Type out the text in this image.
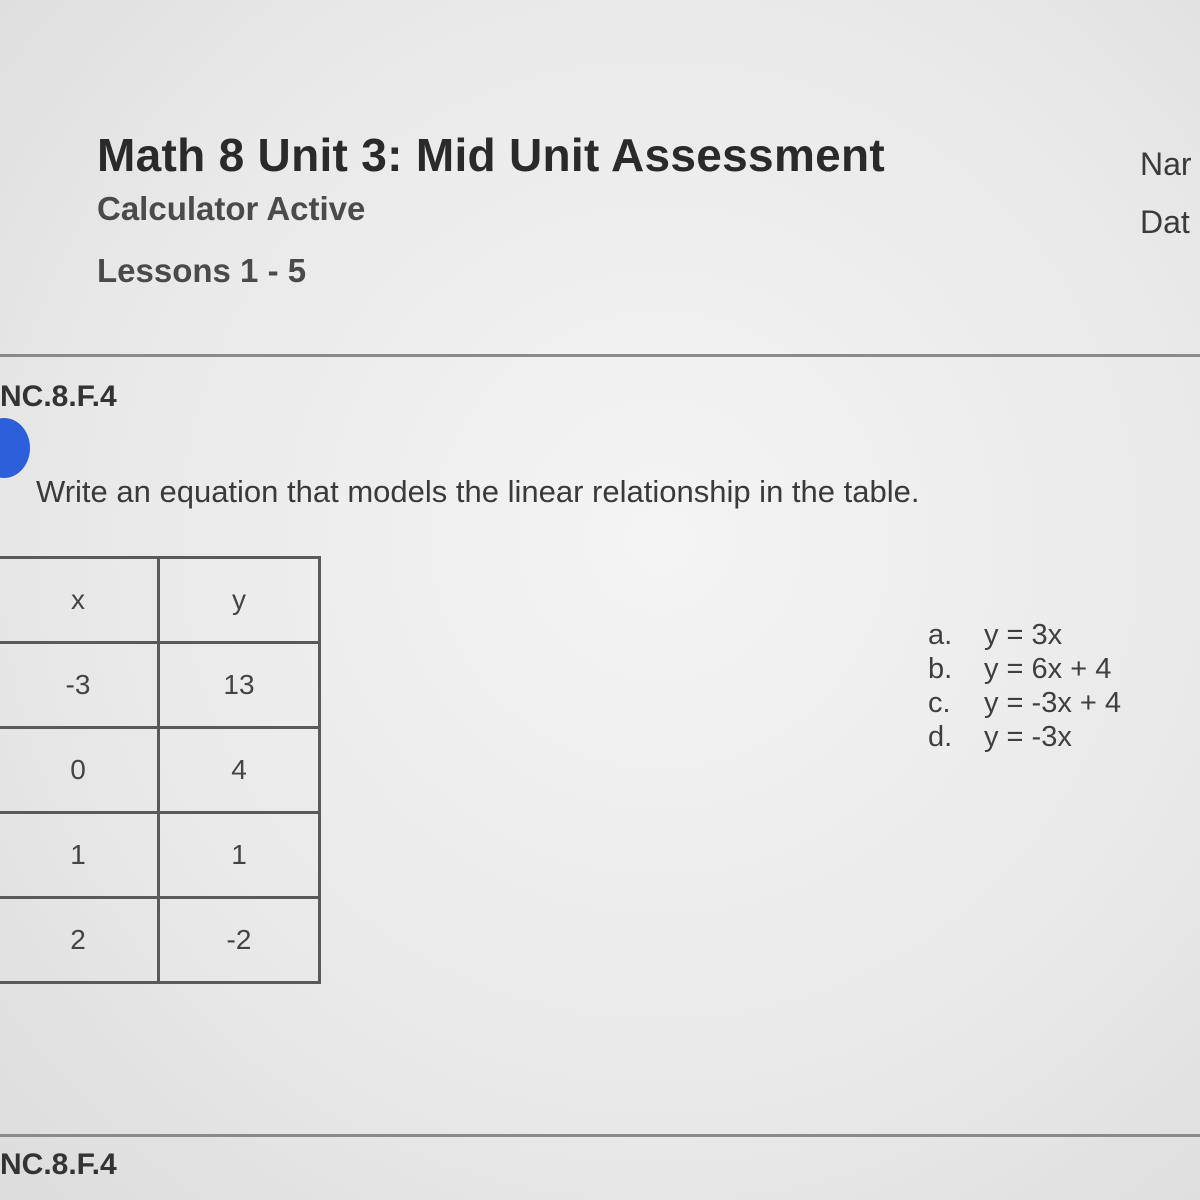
Math 8 Unit 3: Mid Unit Assessment
Calculator Active
Lessons 1 - 5
Nar
Dat
NC.8.F.4
Write an equation that models the linear relationship in the table.
x	y
-3	13
0	4
1	1
2	-2
a. y = 3x
b. y = 6x + 4
c. y = -3x + 4
d. y = -3x
NC.8.F.4
